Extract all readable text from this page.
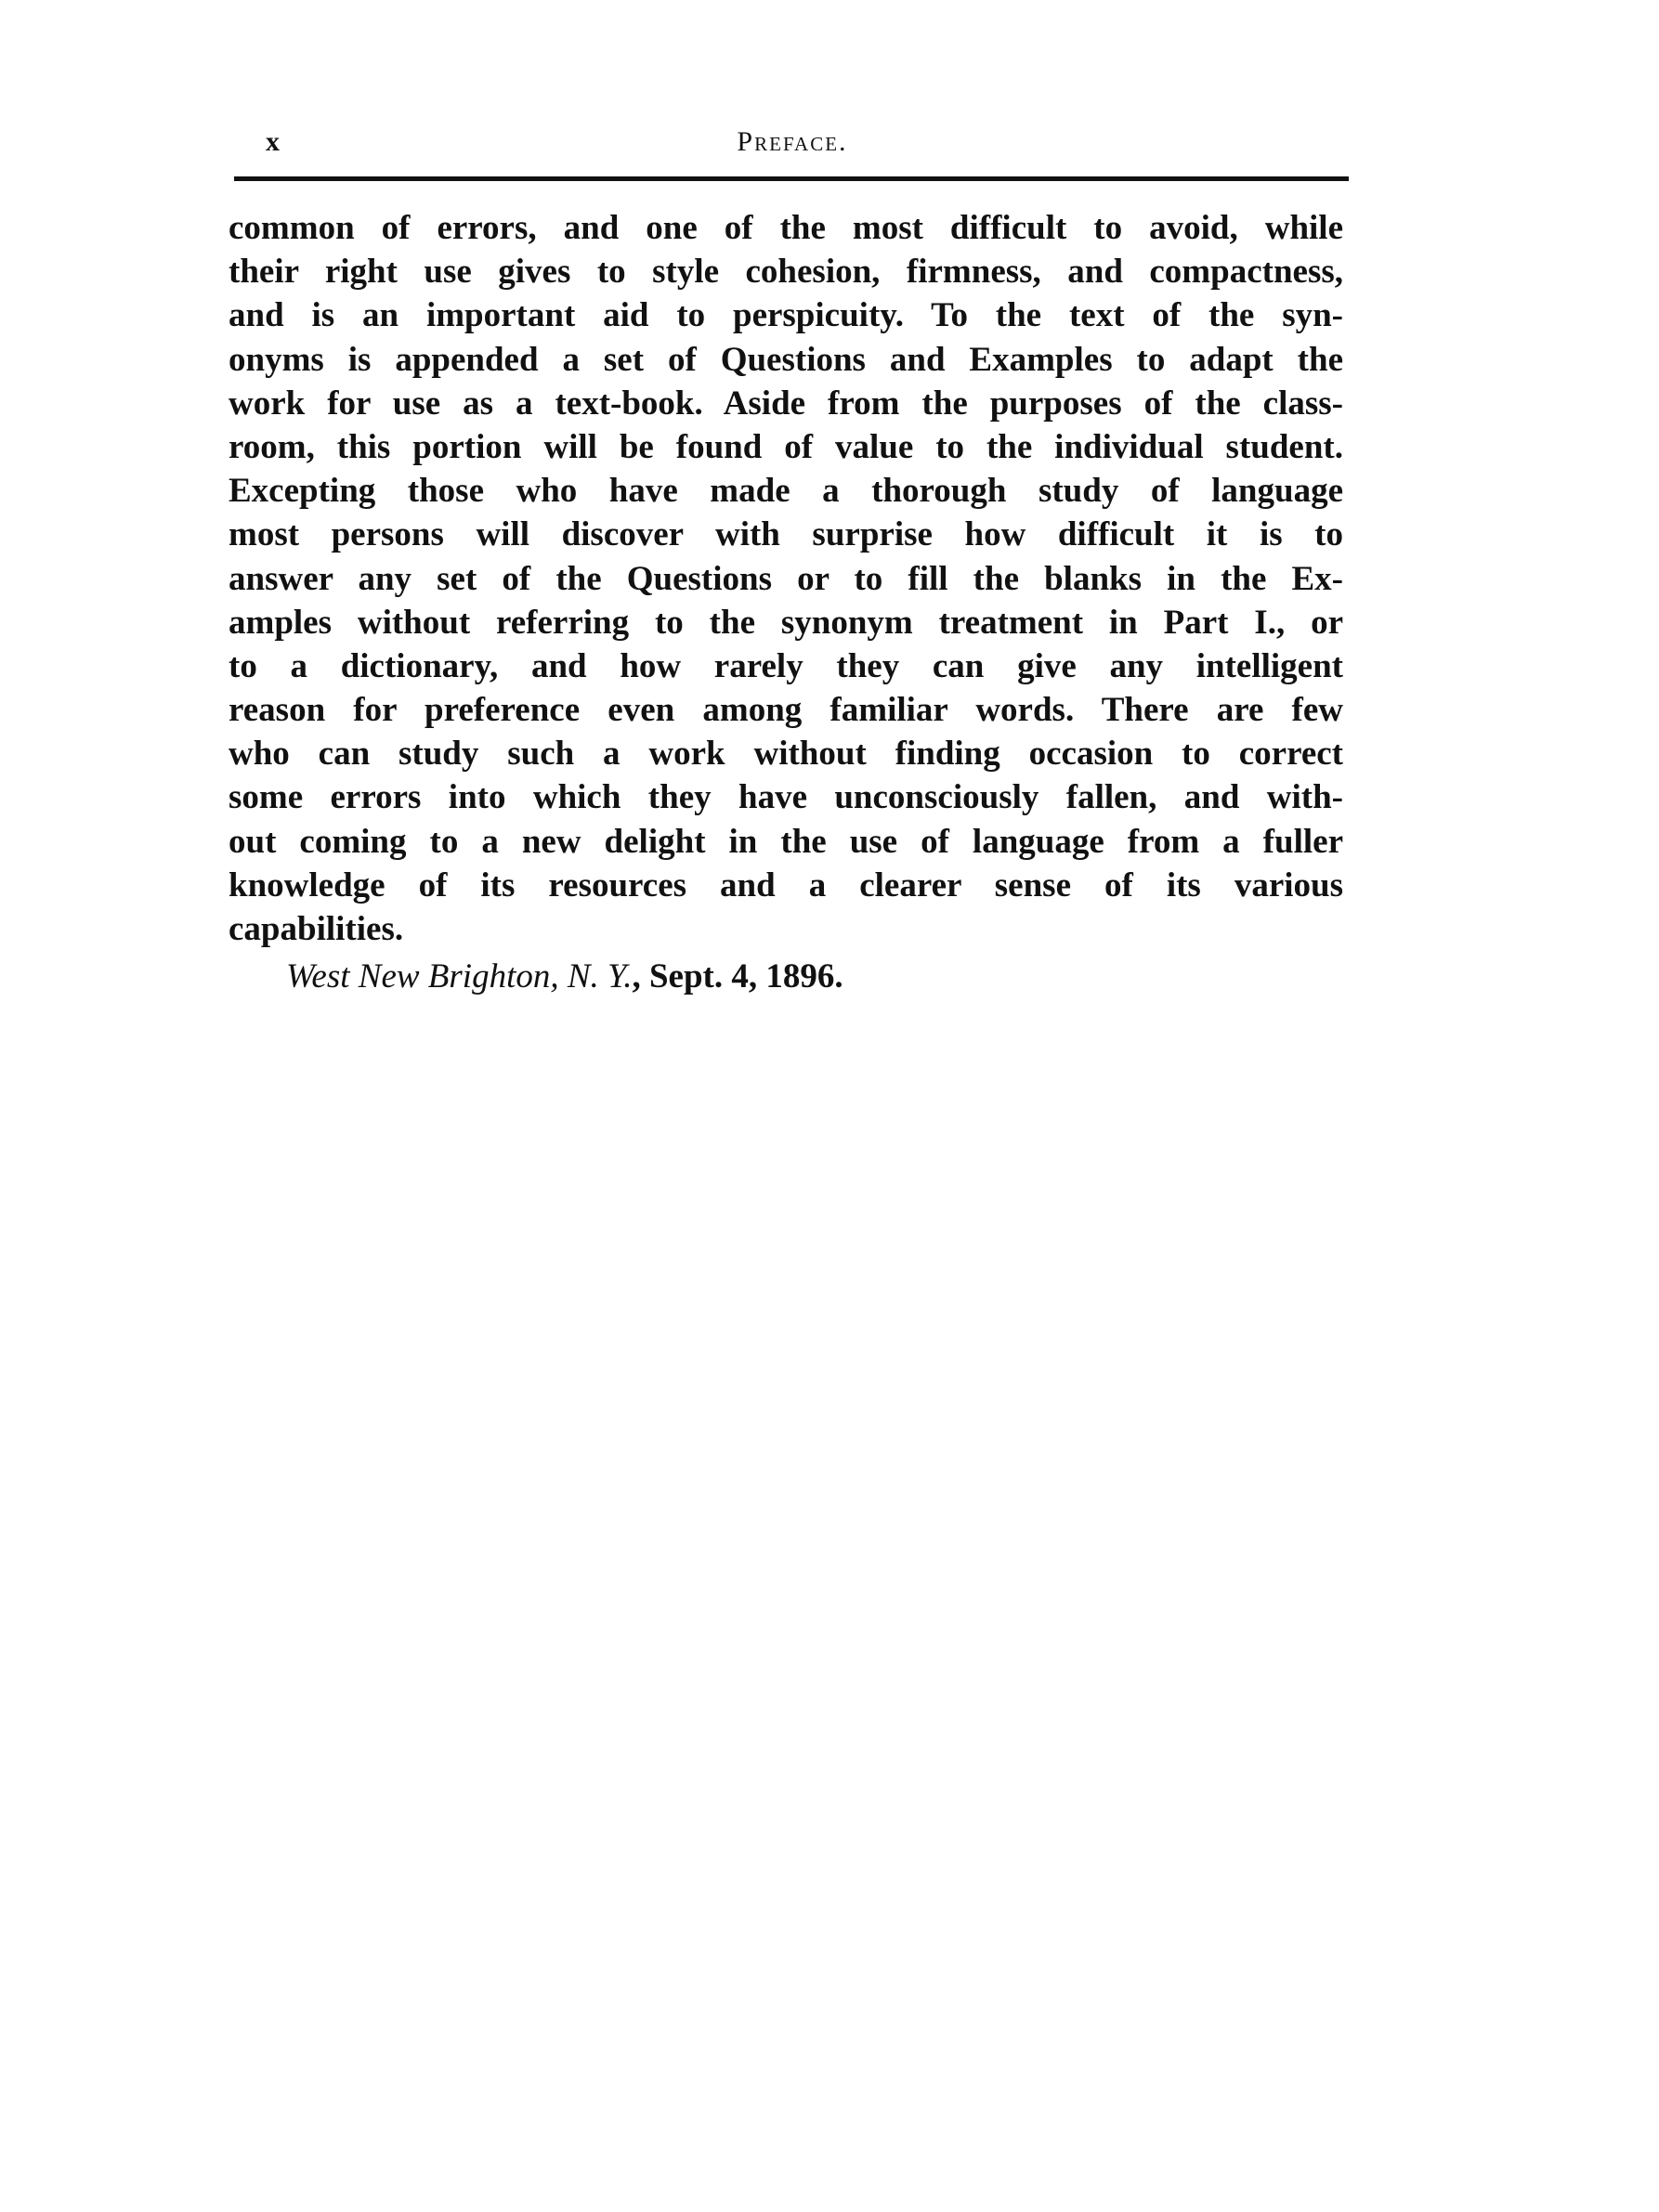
x	Preface.
common of errors, and one of the most difficult to avoid, while
their right use gives to style cohesion, firmness, and compactness,
and is an important aid to perspicuity. To the text of the syn-
onyms is appended a set of Questions and Examples to adapt the
work for use as a text-book. Aside from the purposes of the class-
room, this portion will be found of value to the individual student.
Excepting those who have made a thorough study of language
most persons will discover with surprise how difficult it is to
answer any set of the Questions or to fill the blanks in the Ex-
amples without referring to the synonym treatment in Part I., or
to a dictionary, and how rarely they can give any intelligent
reason for preference even among familiar words. There are few
who can study such a work without finding occasion to correct
some errors into which they have unconsciously fallen, and with-
out coming to a new delight in the use of language from a fuller
knowledge of its resources and a clearer sense of its various
capabilities.
West New Brighton, N. Y., Sept. 4, 1896.
